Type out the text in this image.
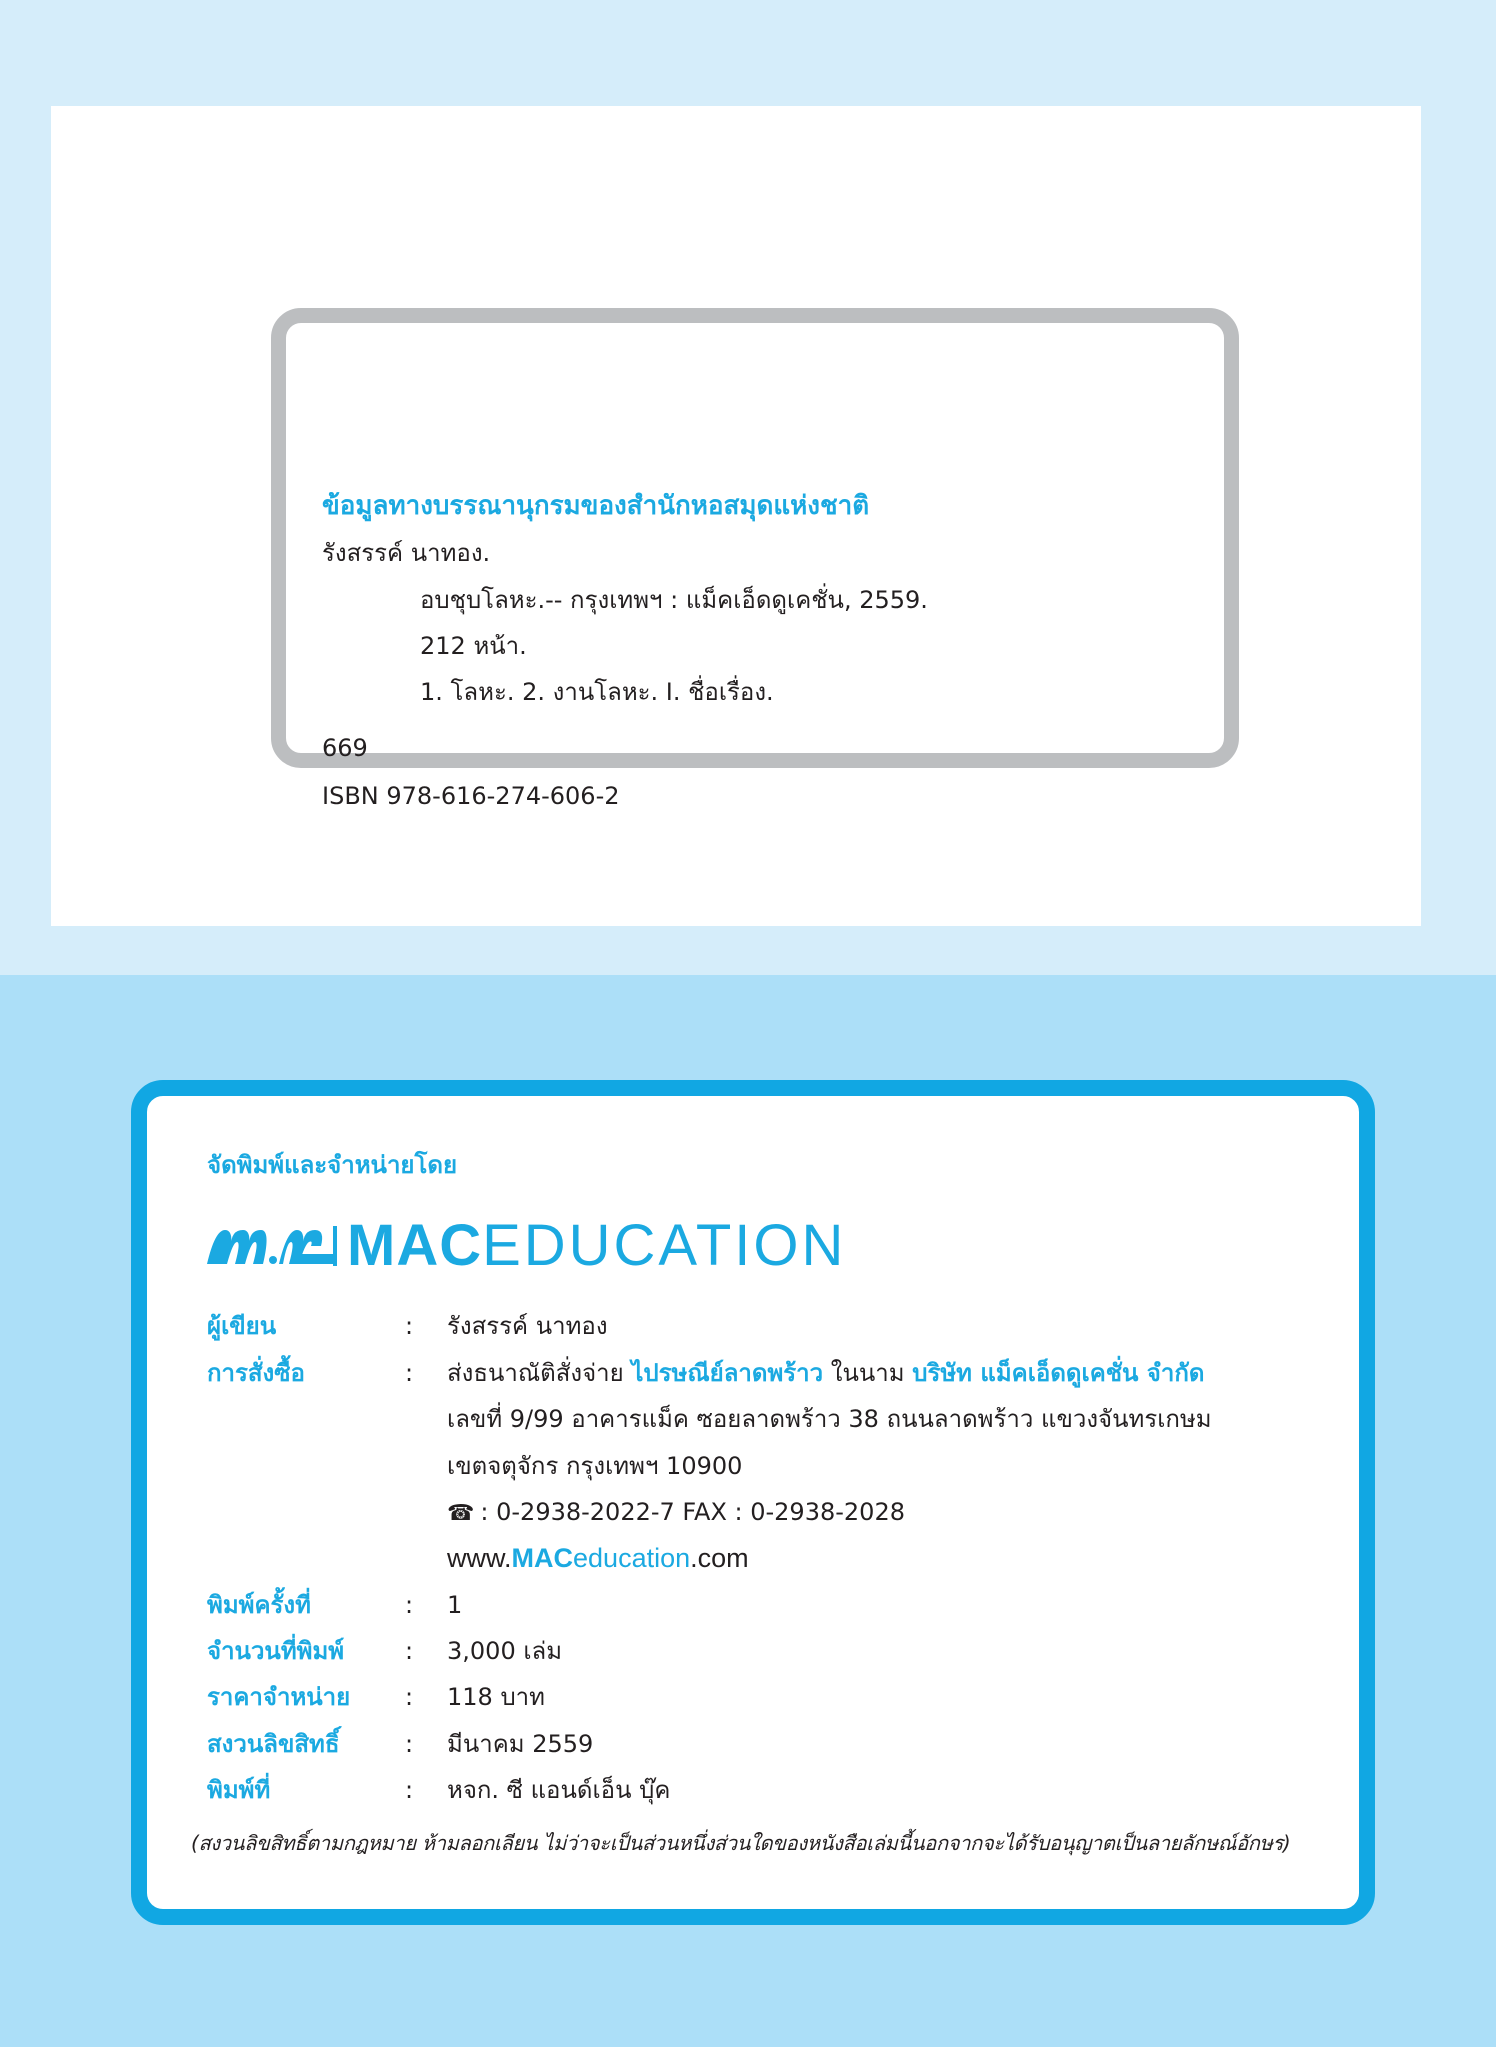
ข้อมูลทางบรรณานุกรมของสำนักหอสมุดแห่งชาติ
รังสรรค์ นาทอง.
อบชุบโลหะ.-- กรุงเทพฯ : แม็คเอ็ดดูเคชั่น, 2559.
212 หน้า.
1. โลหะ. 2. งานโลหะ. I. ชื่อเรื่อง.
669
ISBN 978-616-274-606-2
จัดพิมพ์และจำหน่ายโดย
MACEDUCATION
ผู้เขียน	: รังสรรค์ นาทอง
การสั่งซื้อ	: ส่งธนาณัติสั่งจ่าย ไปรษณีย์ลาดพร้าว ในนาม บริษัท แม็คเอ็ดดูเคชั่น จำกัด
เลขที่ 9/99 อาคารแม็ค ซอยลาดพร้าว 38 ถนนลาดพร้าว แขวงจันทรเกษม
เขตจตุจักร กรุงเทพฯ 10900
☎ : 0-2938-2022-7 FAX : 0-2938-2028
www.MACeducation.com
พิมพ์ครั้งที่	: 1
จำนวนที่พิมพ์	: 3,000 เล่ม
ราคาจำหน่าย : 118 บาท
สงวนลิขสิทธิ์	: มีนาคม 2559
พิมพ์ที่	: หจก. ซี แอนด์เอ็น บุ๊ค
(สงวนลิขสิทธิ์ตามกฎหมาย ห้ามลอกเลียน ไม่ว่าจะเป็นส่วนหนึ่งส่วนใดของหนังสือเล่มนี้นอกจากจะได้รับอนุญาตเป็นลายลักษณ์อักษร)
